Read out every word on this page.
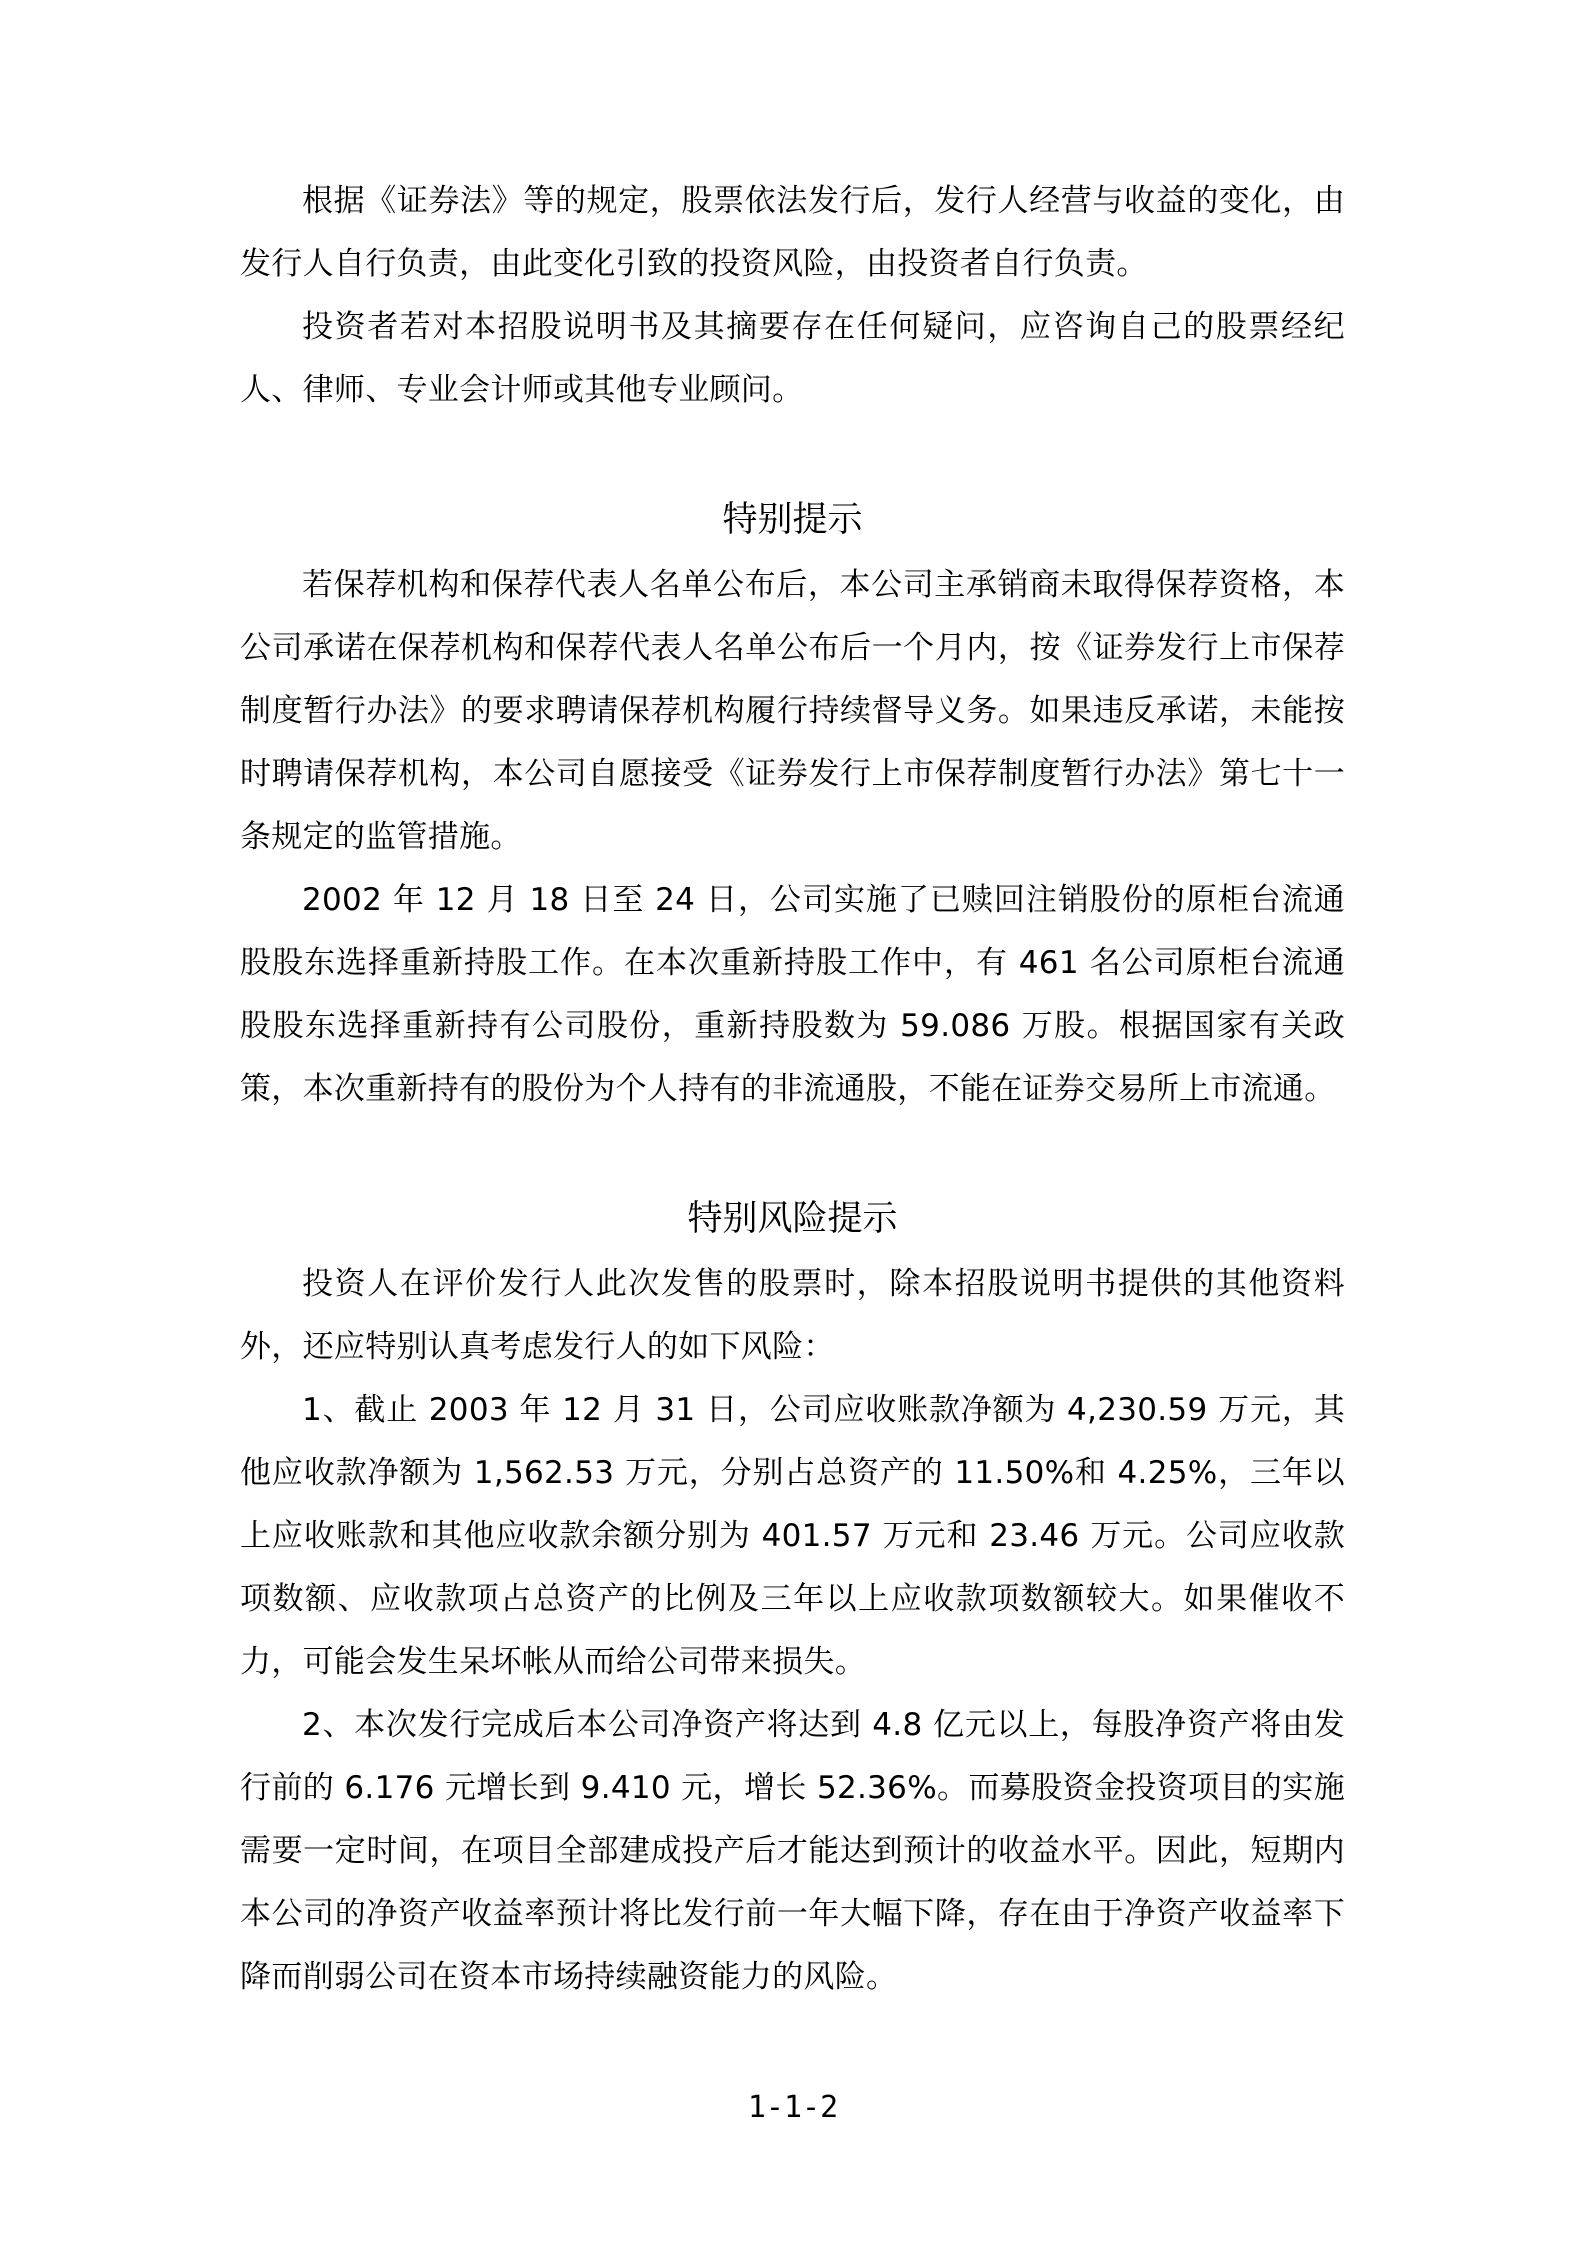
根据《证券法》等的规定，股票依法发行后，发行人经营与收益的变化，由发行人自行负责，由此变化引致的投资风险，由投资者自行负责。

投资者若对本招股说明书及其摘要存在任何疑问，应咨询自己的股票经纪人、律师、专业会计师或其他专业顾问。

特别提示

若保荐机构和保荐代表人名单公布后，本公司主承销商未取得保荐资格，本公司承诺在保荐机构和保荐代表人名单公布后一个月内，按《证券发行上市保荐制度暂行办法》的要求聘请保荐机构履行持续督导义务。如果违反承诺，未能按时聘请保荐机构，本公司自愿接受《证券发行上市保荐制度暂行办法》第七十一条规定的监管措施。

2002 年 12 月 18 日至 24 日，公司实施了已赎回注销股份的原柜台流通股股东选择重新持股工作。在本次重新持股工作中，有 461 名公司原柜台流通股股东选择重新持有公司股份，重新持股数为 59.086 万股。根据国家有关政策，本次重新持有的股份为个人持有的非流通股，不能在证券交易所上市流通。

特别风险提示

投资人在评价发行人此次发售的股票时，除本招股说明书提供的其他资料外，还应特别认真考虑发行人的如下风险：

1、截止 2003 年 12 月 31 日，公司应收账款净额为 4,230.59 万元，其他应收款净额为 1,562.53 万元，分别占总资产的 11.50%和 4.25%，三年以上应收账款和其他应收款余额分别为 401.57 万元和 23.46 万元。公司应收款项数额、应收款项占总资产的比例及三年以上应收款项数额较大。如果催收不力，可能会发生呆坏帐从而给公司带来损失。

2、本次发行完成后本公司净资产将达到 4.8 亿元以上，每股净资产将由发行前的 6.176 元增长到 9.410 元，增长 52.36%。而募股资金投资项目的实施需要一定时间，在项目全部建成投产后才能达到预计的收益水平。因此，短期内本公司的净资产收益率预计将比发行前一年大幅下降，存在由于净资产收益率下降而削弱公司在资本市场持续融资能力的风险。

1-1-2
